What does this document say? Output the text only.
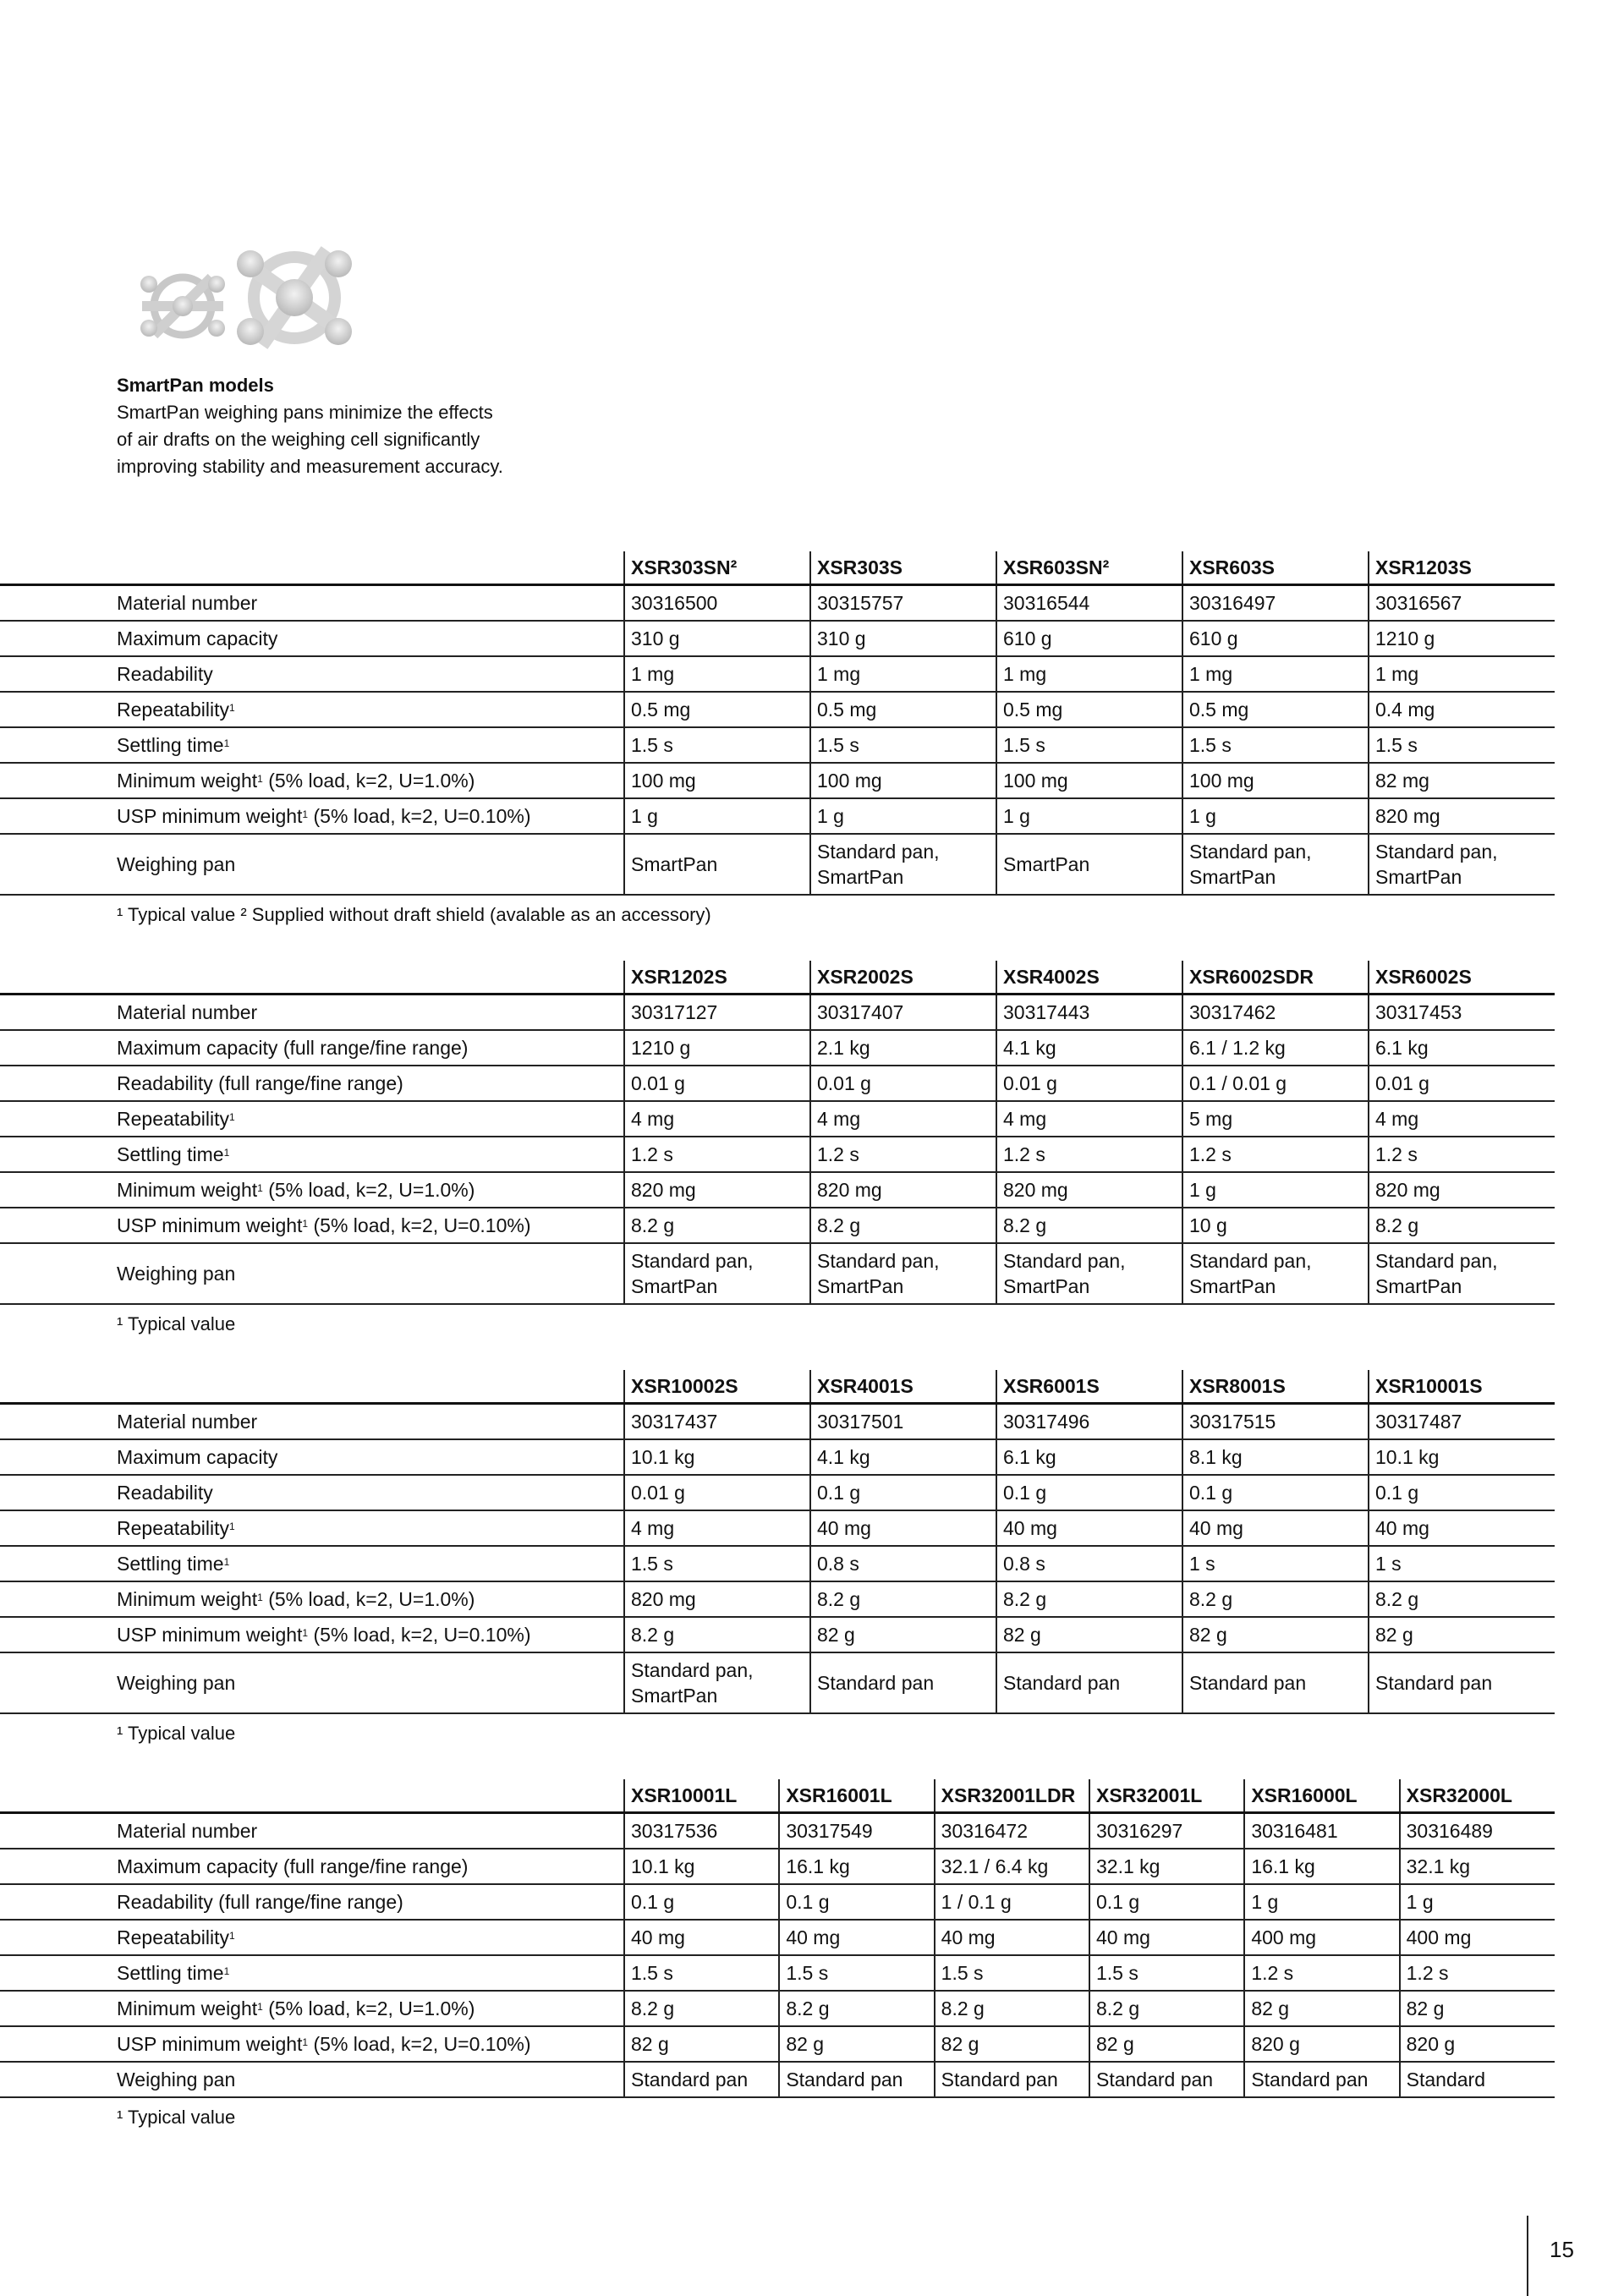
SmartPan models
SmartPan weighing pans minimize the effects
of air drafts on the weighing cell significantly
improving stability and measurement accuracy.
		XSR303SN²	XSR303S	XSR603SN²	XSR603S	XSR1203S
	Material number	30316500	30315757	30316544	30316497	30316567
	Maximum capacity	310 g	310 g	610 g	610 g	1210 g
	Readability	1 mg	1 mg	1 mg	1 mg	1 mg
	Repeatability$^1$	0.5 mg	0.5 mg	0.5 mg	0.5 mg	0.4 mg
	Settling time$^1$	1.5 s	1.5 s	1.5 s	1.5 s	1.5 s
	Minimum weight$^1$ (5% load, k=2, U=1.0%)	100 mg	100 mg	100 mg	100 mg	82 mg
	USP minimum weight$^1$ (5% load, k=2, U=0.10%)	1 g	1 g	1 g	1 g	820 mg
	Weighing pan	SmartPan	Standard pan, SmartPan	SmartPan	Standard pan, SmartPan	Standard pan, SmartPan
¹ Typical value ² Supplied without draft shield (avalable as an accessory)
		XSR1202S	XSR2002S	XSR4002S	XSR6002SDR	XSR6002S
	Material number	30317127	30317407	30317443	30317462	30317453
	Maximum capacity (full range/fine range)	1210 g	2.1 kg	4.1 kg	6.1 / 1.2 kg	6.1 kg
	Readability (full range/fine range)	0.01 g	0.01 g	0.01 g	0.1 / 0.01 g	0.01 g
	Repeatability$^1$	4 mg	4 mg	4 mg	5 mg	4 mg
	Settling time$^1$	1.2 s	1.2 s	1.2 s	1.2 s	1.2 s
	Minimum weight$^1$ (5% load, k=2, U=1.0%)	820 mg	820 mg	820 mg	1 g	820 mg
	USP minimum weight$^1$ (5% load, k=2, U=0.10%)	8.2 g	8.2 g	8.2 g	10 g	8.2 g
	Weighing pan	Standard pan, SmartPan	Standard pan, SmartPan	Standard pan, SmartPan	Standard pan, SmartPan	Standard pan, SmartPan
¹ Typical value
		XSR10002S	XSR4001S	XSR6001S	XSR8001S	XSR10001S
	Material number	30317437	30317501	30317496	30317515	30317487
	Maximum capacity	10.1 kg	4.1 kg	6.1 kg	8.1 kg	10.1 kg
	Readability	0.01 g	0.1 g	0.1 g	0.1 g	0.1 g
	Repeatability$^1$	4 mg	40 mg	40 mg	40 mg	40 mg
	Settling time$^1$	1.5 s	0.8 s	0.8 s	1 s	1 s
	Minimum weight$^1$ (5% load, k=2, U=1.0%)	820 mg	8.2 g	8.2 g	8.2 g	8.2 g
	USP minimum weight$^1$ (5% load, k=2, U=0.10%)	8.2 g	82 g	82 g	82 g	82 g
	Weighing pan	Standard pan, SmartPan	Standard pan	Standard pan	Standard pan	Standard pan
¹ Typical value
		XSR10001L	XSR16001L	XSR32001LDR	XSR32001L	XSR16000L	XSR32000L
	Material number	30317536	30317549	30316472	30316297	30316481	30316489
	Maximum capacity (full range/fine range)	10.1 kg	16.1 kg	32.1 / 6.4 kg	32.1 kg	16.1 kg	32.1 kg
	Readability (full range/fine range)	0.1 g	0.1 g	1 / 0.1 g	0.1 g	1 g	1 g
	Repeatability$^1$	40 mg	40 mg	40 mg	40 mg	400 mg	400 mg
	Settling time$^1$	1.5 s	1.5 s	1.5 s	1.5 s	1.2 s	1.2 s
	Minimum weight$^1$ (5% load, k=2, U=1.0%)	8.2 g	8.2 g	8.2 g	8.2 g	82 g	82 g
	USP minimum weight$^1$ (5% load, k=2, U=0.10%)	82 g	82 g	82 g	82 g	820 g	820 g
	Weighing pan	Standard pan	Standard pan	Standard pan	Standard pan	Standard pan	Standard
¹ Typical value
15
